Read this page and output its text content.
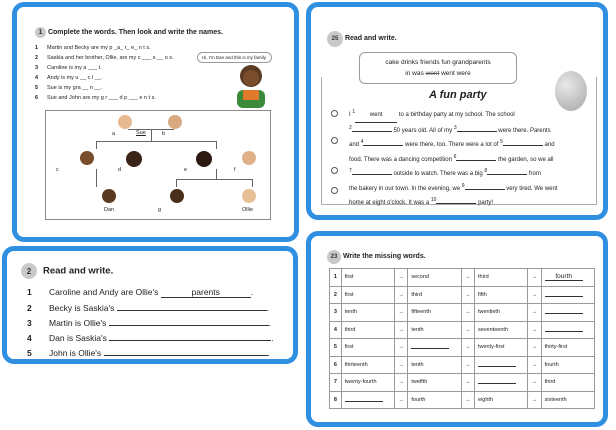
1 Complete the words. Then look and write the names.
1 Martin and Becky are my p _a_ r_ e_ n t s.
2 Saskia and her brother, Ollie, are my c ___ s __ o s.
3 Caroline is my a ___ t.
4 Andy is my u __ c l __.
5 Sue is my gra __ n __.
6 Sue and John are my g r ___ d p ___ e n t s.
Hi, I'm Dan and this is my family.
a	Sue	b
c	d	e	f
Dan	g	Ollie
25 Read and write.
cake drinks friends fun grandparents
in was went went were
A fun party
I $^1$ went	to a birthday party at my school. The school
$^2$	50 years old. All of my $^3$	were there. Parents
and $^4$	were there, too. There were a lot of $^5$	and
food. There was a dancing competition $^6$	the garden, so we all
$^7$	outside to watch. There was a big $^8$	from
the bakery in our town. In the evening, we $^9$	very tired. We went
home at eight o'clock. It was a $^{10}$	party!
2 Read and write.
1 Caroline and Andy are Ollie's	parents	.
2 Becky is Saskia's	.
3 Martin is Ollie's	.
4 Dan is Saskia's	.
5 John is Ollie's	.
23 Write the missing words.
1	first	→	second	→	third	→	fourth
2	first	→	third	→	fifth	→	
3	tenth	→	fifteenth	→	twentieth	→	
4	third	→	tenth	→	seventeenth	→	
5	first	→		→	twenty-first	→	thirty-first
6	thirteenth	→	tenth	→		→	fourth
7	twenty-fourth	→	twelfth	→		→	third
8		→	fourth	→	eighth	→	sixteenth
